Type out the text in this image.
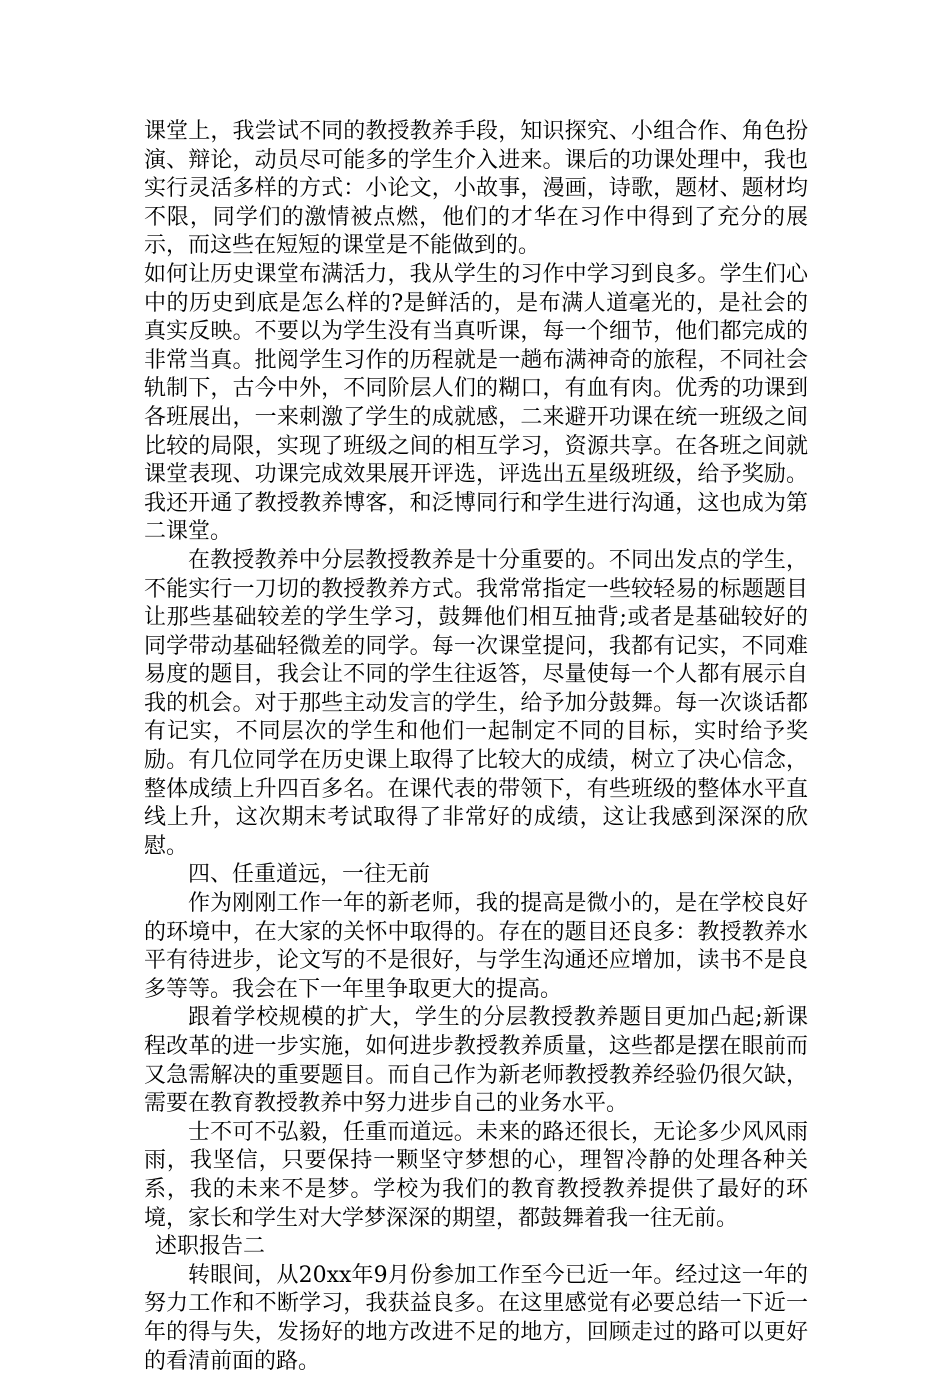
课堂上，我尝试不同的教授教养手段，知识探究、小组合作、角色扮演、辩论，动员尽可能多的学生介入进来。课后的功课处理中，我也实行灵活多样的方式：小论文，小故事，漫画，诗歌，题材、题材均不限，同学们的激情被点燃，他们的才华在习作中得到了充分的展示，而这些在短短的课堂是不能做到的。

如何让历史课堂布满活力，我从学生的习作中学习到良多。学生们心中的历史到底是怎么样的?是鲜活的，是布满人道毫光的，是社会的真实反映。不要以为学生没有当真听课，每一个细节，他们都完成的非常当真。批阅学生习作的历程就是一趟布满神奇的旅程，不同社会轨制下，古今中外，不同阶层人们的糊口，有血有肉。优秀的功课到各班展出，一来刺激了学生的成就感，二来避开功课在统一班级之间比较的局限，实现了班级之间的相互学习，资源共享。在各班之间就课堂表现、功课完成效果展开评选，评选出五星级班级，给予奖励。我还开通了教授教养博客，和泛博同行和学生进行沟通，这也成为第二课堂。

在教授教养中分层教授教养是十分重要的。不同出发点的学生，不能实行一刀切的教授教养方式。我常常指定一些较轻易的标题题目让那些基础较差的学生学习，鼓舞他们相互抽背;或者是基础较好的同学带动基础轻微差的同学。每一次课堂提问，我都有记实，不同难易度的题目，我会让不同的学生往返答，尽量使每一个人都有展示自我的机会。对于那些主动发言的学生，给予加分鼓舞。每一次谈话都有记实，不同层次的学生和他们一起制定不同的目标，实时给予奖励。有几位同学在历史课上取得了比较大的成绩，树立了决心信念，整体成绩上升四百多名。在课代表的带领下，有些班级的整体水平直线上升，这次期末考试取得了非常好的成绩，这让我感到深深的欣慰。

四、任重道远，一往无前

作为刚刚工作一年的新老师，我的提高是微小的，是在学校良好的环境中，在大家的关怀中取得的。存在的题目还良多：教授教养水平有待进步，论文写的不是很好，与学生沟通还应增加，读书不是良多等等。我会在下一年里争取更大的提高。

跟着学校规模的扩大，学生的分层教授教养题目更加凸起;新课程改革的进一步实施，如何进步教授教养质量，这些都是摆在眼前而又急需解决的重要题目。而自己作为新老师教授教养经验仍很欠缺，需要在教育教授教养中努力进步自己的业务水平。

士不可不弘毅，任重而道远。未来的路还很长，无论多少风风雨雨，我坚信，只要保持一颗坚守梦想的心，理智冷静的处理各种关系，我的未来不是梦。学校为我们的教育教授教养提供了最好的环境，家长和学生对大学梦深深的期望，都鼓舞着我一往无前。

述职报告二

转眼间，从20xx年9月份参加工作至今已近一年。经过这一年的努力工作和不断学习，我获益良多。在这里感觉有必要总结一下近一年的得与失，发扬好的地方改进不足的地方，回顾走过的路可以更好的看清前面的路。
